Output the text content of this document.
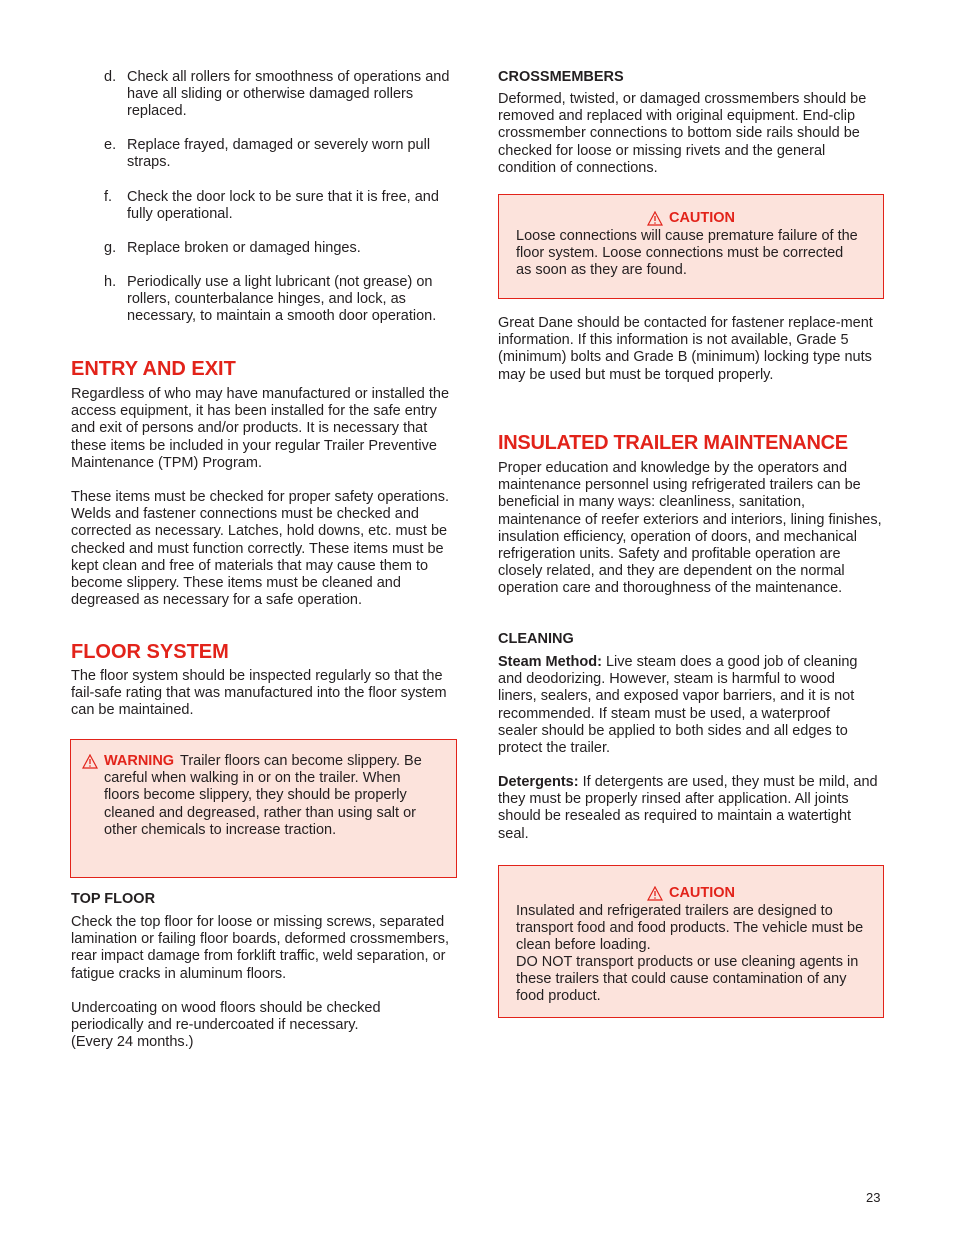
d. Check all rollers for smoothness of operations and have all sliding or otherwise damaged rollers replaced.
e. Replace frayed, damaged or severely worn pull straps.
f. Check the door lock to be sure that it is free, and fully operational.
g. Replace broken or damaged hinges.
h. Periodically use a light lubricant (not grease) on rollers, counterbalance hinges, and lock, as necessary, to maintain a smooth door operation.
ENTRY AND EXIT

Regardless of who may have manufactured or installed the access equipment, it has been installed for the safe entry and exit of persons and/or products. It is necessary that these items be included in your regular Trailer Preventive Maintenance (TPM) Program.

These items must be checked for proper safety operations. Welds and fastener connections must be checked and corrected as necessary. Latches, hold downs, etc. must be checked and must function correctly. These items must be kept clean and free of materials that may cause them to become slippery. These items must be cleaned and degreased as necessary for a safe operation.

FLOOR SYSTEM

The floor system should be inspected regularly so that the fail-safe rating that was manufactured into the floor system can be maintained.

WARNING Trailer floors can become slippery. Be careful when walking in or on the trailer. When floors become slippery, they should be properly cleaned and degreased, rather than using salt or other chemicals to increase traction.
TOP FLOOR

Check the top floor for loose or missing screws, separated lamination or failing floor boards, deformed crossmembers, rear impact damage from forklift traffic, weld separation, or fatigue cracks in aluminum floors.

Undercoating on wood floors should be checked periodically and re-undercoated if necessary.

(Every 24 months.)

CROSSMEMBERS

Deformed, twisted, or damaged crossmembers should be removed and replaced with original equipment. End-clip crossmember connections to bottom side rails should be checked for loose or missing rivets and the general condition of connections.

CAUTION

Loose connections will cause premature failure of the floor system. Loose connections must be corrected as soon as they are found.

Great Dane should be contacted for fastener replace-ment information. If this information is not available, Grade 5 (minimum) bolts and Grade B (minimum) locking type nuts may be used but must be torqued properly.

INSULATED TRAILER MAINTENANCE

Proper education and knowledge by the operators and maintenance personnel using refrigerated trailers can be beneficial in many ways: cleanliness, sanitation, maintenance of reefer exteriors and interiors, lining finishes, insulation efficiency, operation of doors, and mechanical refrigeration units. Safety and profitable operation are closely related, and they are dependent on the normal operation care and thoroughness of the maintenance.

CLEANING

Steam Method: Live steam does a good job of cleaning and deodorizing. However, steam is harmful to wood liners, sealers, and exposed vapor barriers, and it is not recommended. If steam must be used, a waterproof sealer should be applied to both sides and all edges to protect the trailer.

Detergents: If detergents are used, they must be mild, and they must be properly rinsed after application. All joints should be resealed as required to maintain a watertight seal.

CAUTION

Insulated and refrigerated trailers are designed to transport food and food products. The vehicle must be clean before loading.

DO NOT transport products or use cleaning agents in these trailers that could cause contamination of any food product.

23
